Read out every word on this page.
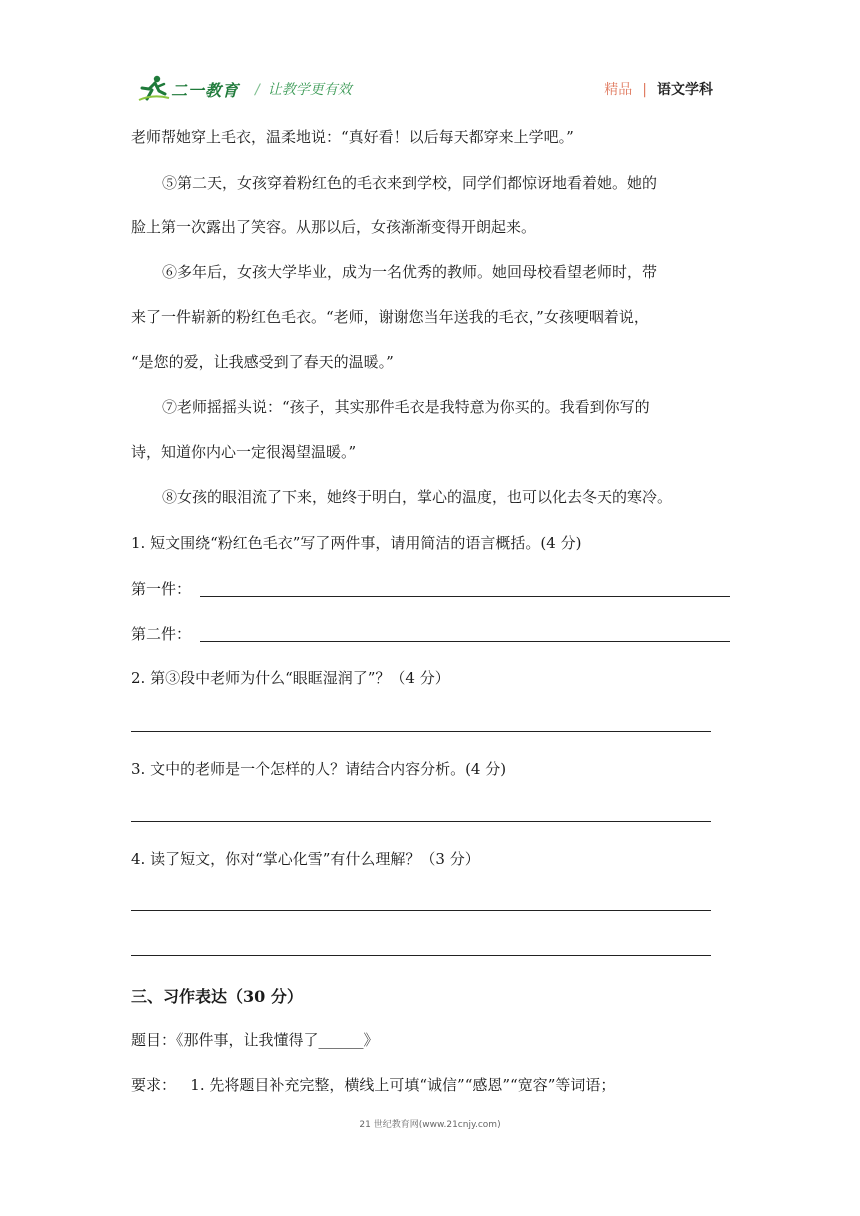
二一教育 / 让教学更有效	精品 | 语文学科
老师帮她穿上毛衣，温柔地说：“真好看！以后每天都穿来上学吧。”
⑤第二天，女孩穿着粉红色的毛衣来到学校，同学们都惊讶地看着她。她的
脸上第一次露出了笑容。从那以后，女孩渐渐变得开朗起来。
⑥多年后，女孩大学毕业，成为一名优秀的教师。她回母校看望老师时，带
来了一件崭新的粉红色毛衣。“老师，谢谢您当年送我的毛衣，”女孩哽咽着说，
“是您的爱，让我感受到了春天的温暖。”
⑦老师摇摇头说：“孩子，其实那件毛衣是我特意为你买的。我看到你写的
诗，知道你内心一定很渴望温暖。”
⑧女孩的眼泪流了下来，她终于明白，掌心的温度，也可以化去冬天的寒冷。
1. 短文围绕“粉红色毛衣”写了两件事，请用简洁的语言概括。(4 分)
第一件：
第二件：
2. 第③段中老师为什么“眼眶湿润了”？（4 分）
3. 文中的老师是一个怎样的人？请结合内容分析。(4 分)
4. 读了短文，你对“掌心化雪”有什么理解？（3 分）
三、习作表达（30 分）
题目：《那件事，让我懂得了______》
要求：   1. 先将题目补充完整，横线上可填“诚信”“感恩”“宽容”等词语；
21 世纪教育网(www.21cnjy.com)
